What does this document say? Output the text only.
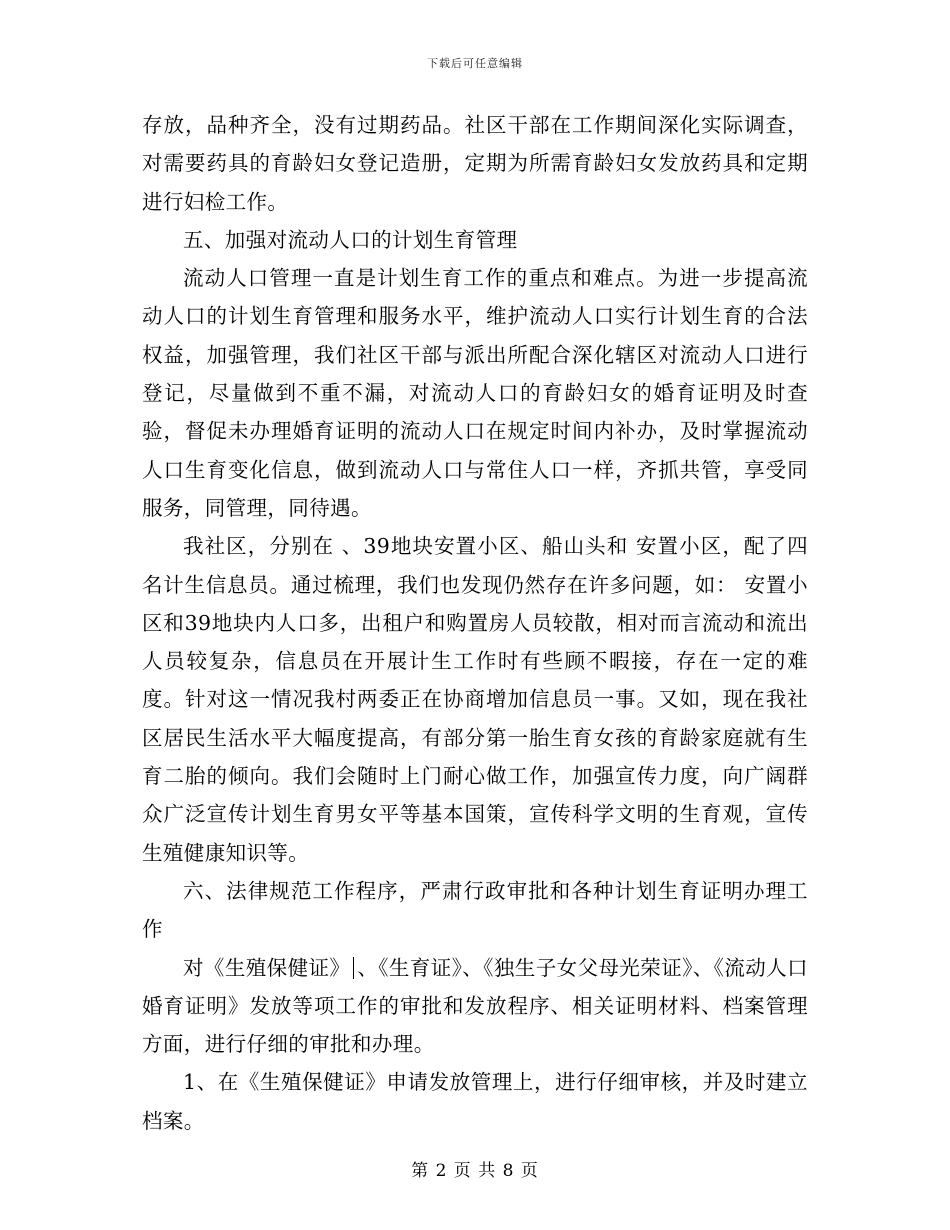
下载后可任意编辑

存放，品种齐全，没有过期药品。社区干部在工作期间深化实际调查，对需要药具的育龄妇女登记造册，定期为所需育龄妇女发放药具和定期进行妇检工作。

五、加强对流动人口的计划生育管理

流动人口管理一直是计划生育工作的重点和难点。为进一步提高流动人口的计划生育管理和服务水平，维护流动人口实行计划生育的合法权益，加强管理，我们社区干部与派出所配合深化辖区对流动人口进行登记，尽量做到不重不漏，对流动人口的育龄妇女的婚育证明及时查验，督促未办理婚育证明的流动人口在规定时间内补办，及时掌握流动人口生育变化信息，做到流动人口与常住人口一样，齐抓共管，享受同服务，同管理，同待遇。

我社区，分别在 、39地块安置小区、船山头和 安置小区，配了四名计生信息员。通过梳理，我们也发现仍然存在许多问题，如： 安置小区和39地块内人口多，出租户和购置房人员较散，相对而言流动和流出人员较复杂，信息员在开展计生工作时有些顾不暇接，存在一定的难度。针对这一情况我村两委正在协商增加信息员一事。又如，现在我社区居民生活水平大幅度提高，有部分第一胎生育女孩的育龄家庭就有生育二胎的倾向。我们会随时上门耐心做工作，加强宣传力度，向广阔群众广泛宣传计划生育男女平等基本国策，宣传科学文明的生育观，宣传生殖健康知识等。

六、法律规范工作程序，严肃行政审批和各种计划生育证明办理工作

对《生殖保健证》 、《生育证》、《独生子女父母光荣证》、《流动人口婚育证明》发放等项工作的审批和发放程序、相关证明材料、档案管理方面，进行仔细的审批和办理。

1、在《生殖保健证》申请发放管理上，进行仔细审核，并及时建立档案。

第 2 页 共 8 页
